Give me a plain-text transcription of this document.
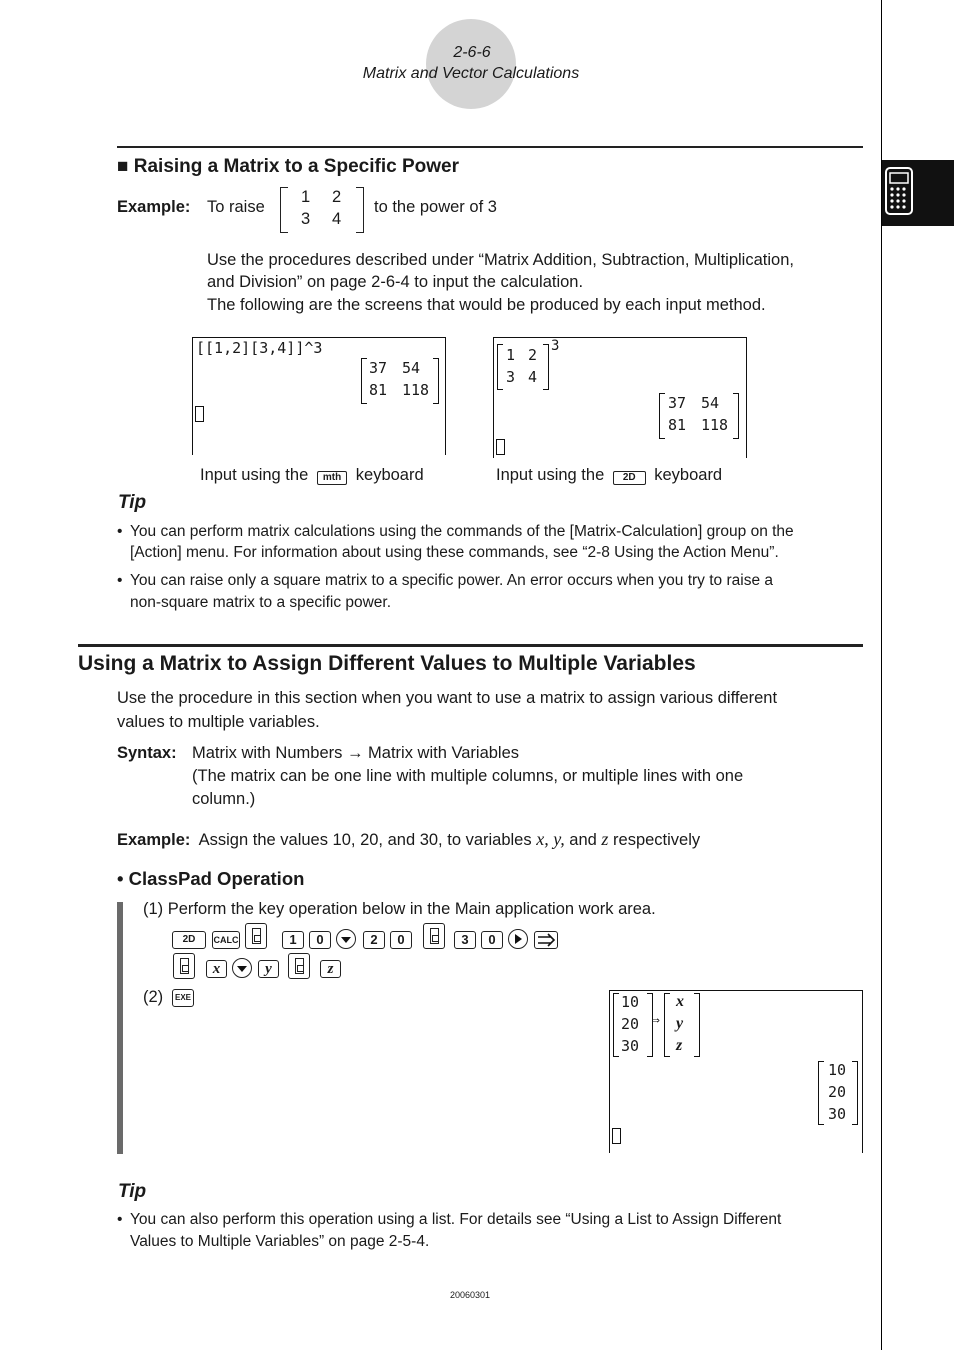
2-6-6
Matrix and Vector Calculations
■ Raising a Matrix to a Specific Power
Example: To raise
1 2
3 4
to the power of 3
Use the procedures described under “Matrix Addition, Subtraction, Multiplication,
and Division” on page 2-6-4 to input the calculation.
The following are the screens that would be produced by each input method.
[[1,2][3,4]]^3
37 54
81 118
1 2
3 4
3
37 54
81 118
Input using the mth keyboard	Input using the 2D keyboard
Tip
• You can perform matrix calculations using the commands of the [Matrix-Calculation] group on the
[Action] menu. For information about using these commands, see “2-8 Using the Action Menu”.
• You can raise only a square matrix to a specific power. An error occurs when you try to raise a
non-square matrix to a specific power.
Using a Matrix to Assign Different Values to Multiple Variables
Use the procedure in this section when you want to use a matrix to assign various different
values to multiple variables.
Syntax: Matrix with Numbers → Matrix with Variables
(The matrix can be one line with multiple columns, or multiple lines with one
column.)
Example: Assign the values 10, 20, and 30, to variables x, y, and z respectively
• ClassPad Operation
(1) Perform the key operation below in the Main application work area.
2D	CALC	1	0	2	0	3	0
x	y	z
(2)	EXE	10
20
30
⇒
x
y
z
10
20
30
Tip
• You can also perform this operation using a list. For details see “Using a List to Assign Different
Values to Multiple Variables” on page 2-5-4.
20060301
